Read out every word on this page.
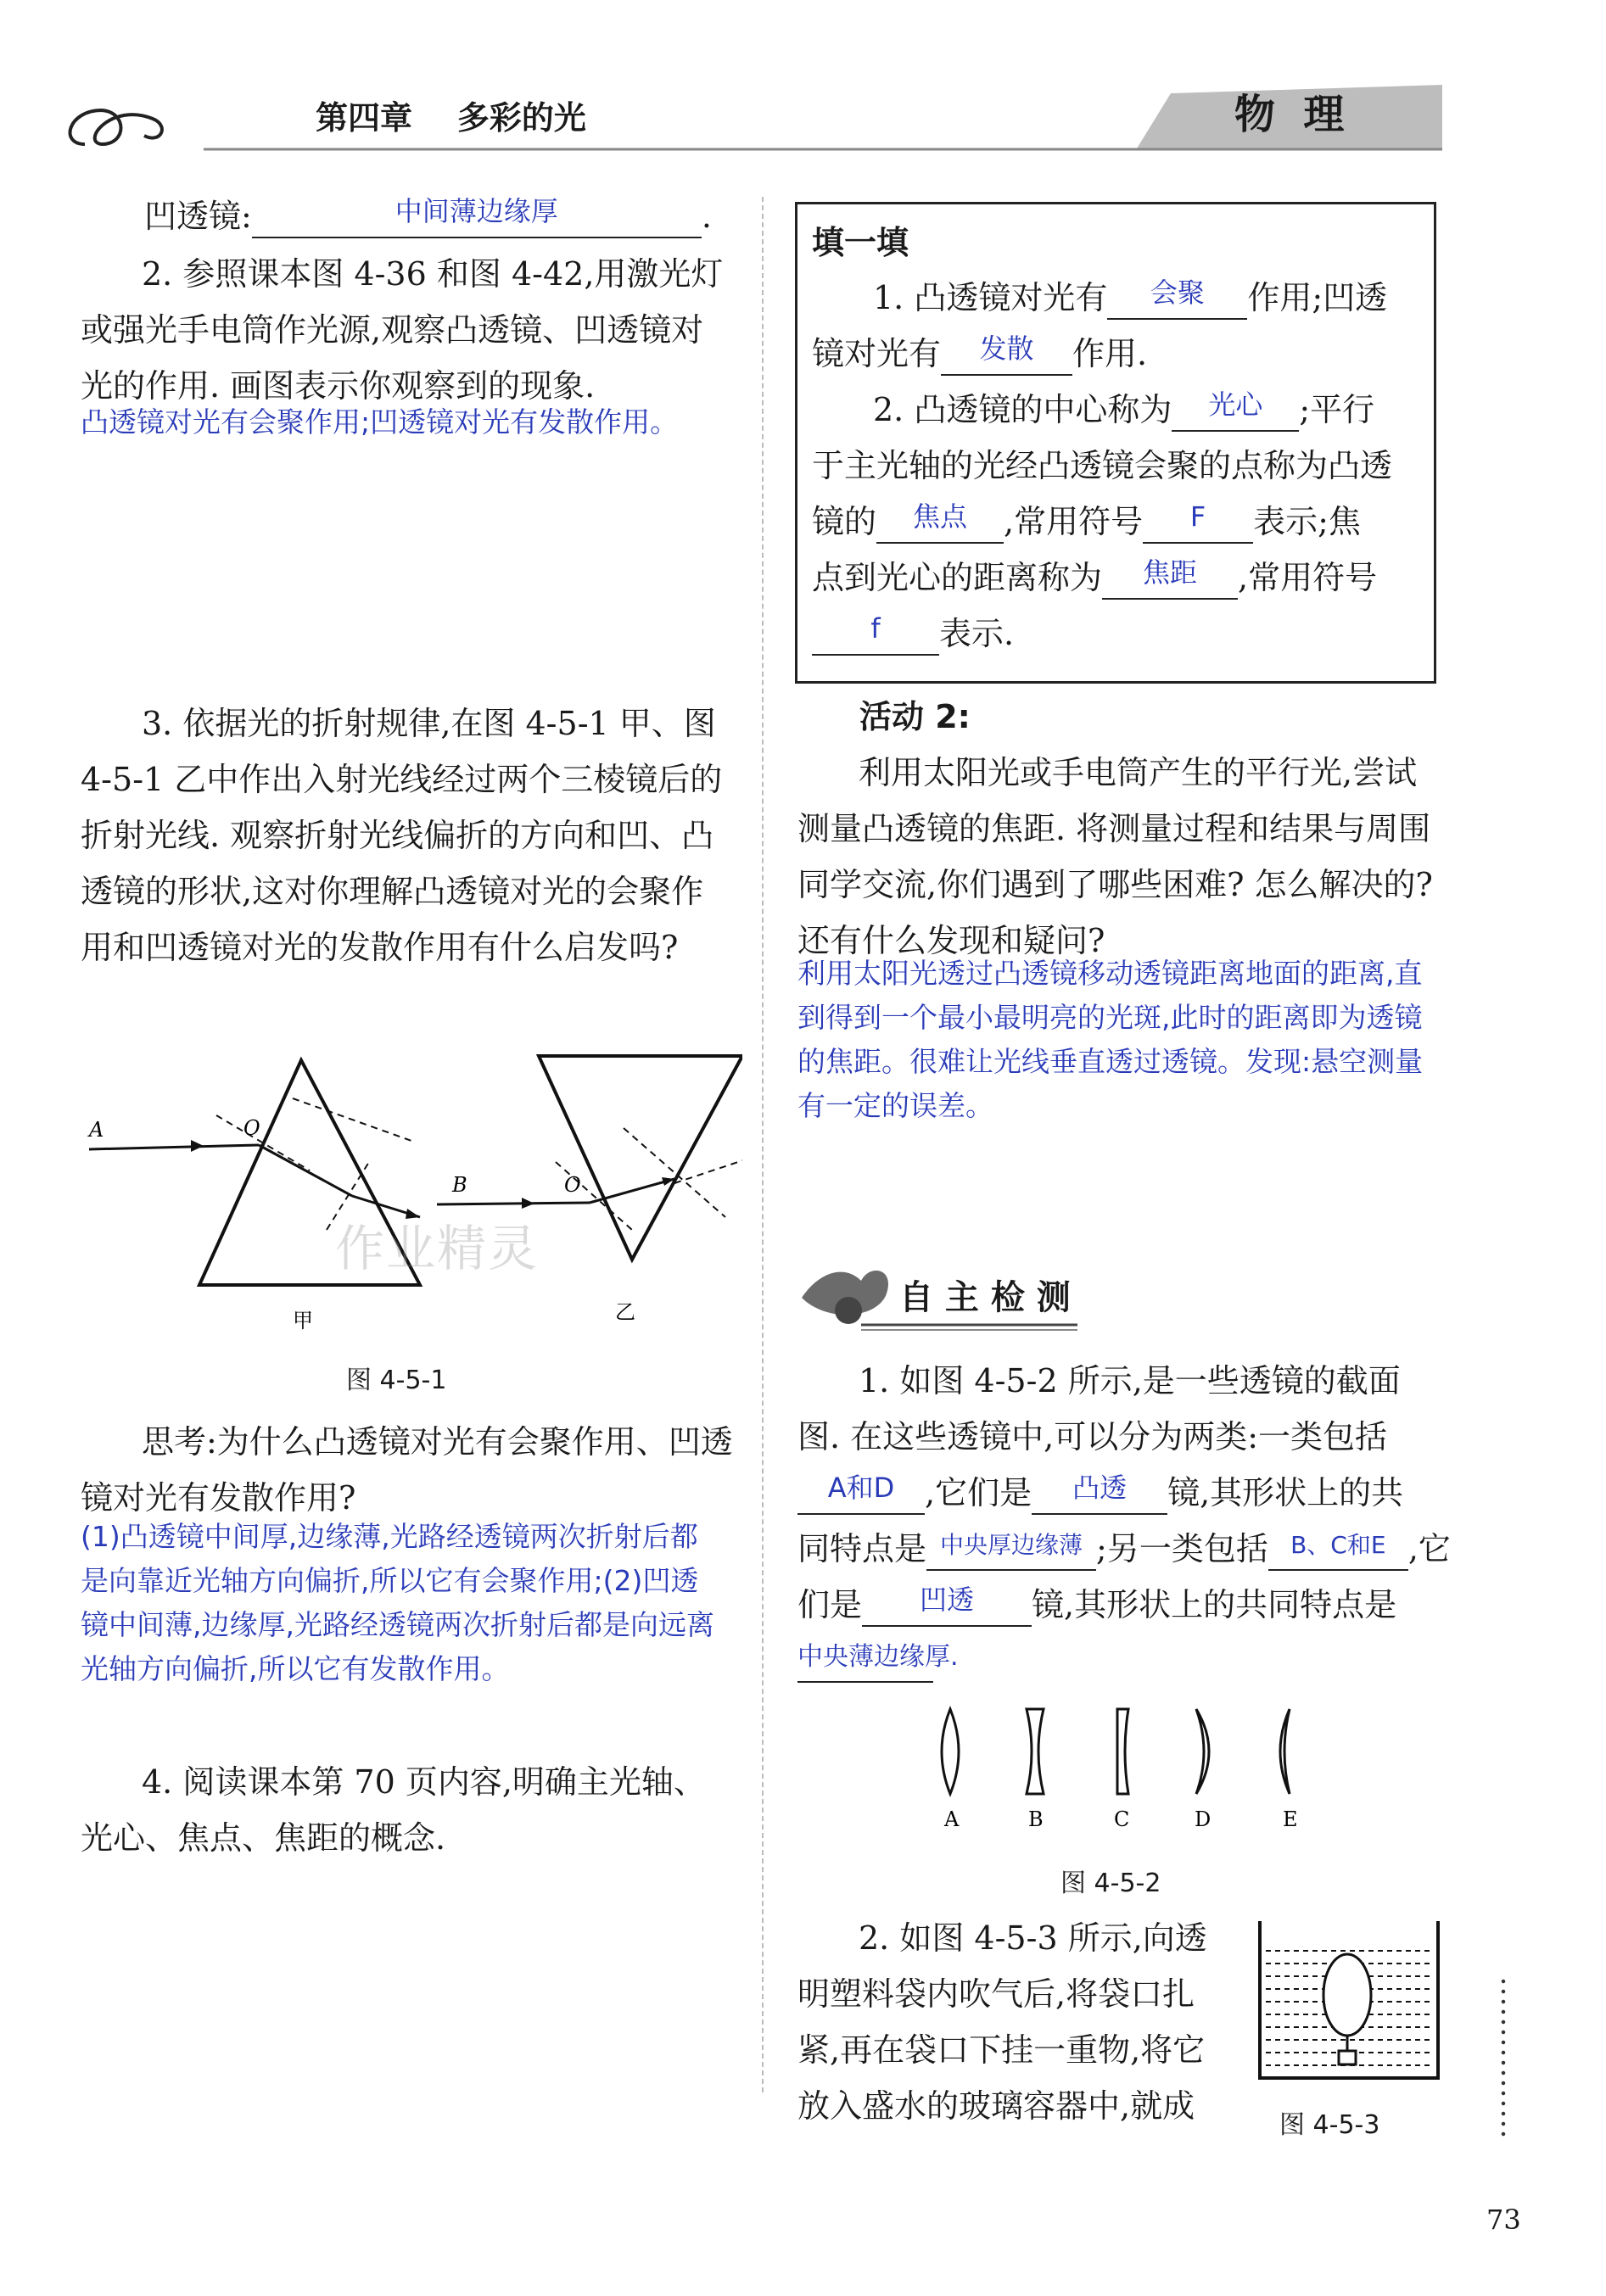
第四章    多彩的光	物  理
凹透镜:	$^{中间薄边缘厚}$	.
2. 参照课本图 4-36 和图 4-42,用激光灯或强光手电筒作光源,观察凸透镜、凹透镜对光的作用. 画图表示你观察到的现象.
凸透镜对光有会聚作用;凹透镜对光有发散作用。
3. 依据光的折射规律,在图 4-5-1 甲、图 4-5-1 乙中作出入射光线经过两个三棱镜后的折射光线. 观察折射光线偏折的方向和凹、凸透镜的形状,这对你理解凸透镜对光的会聚作用和凹透镜对光的发散作用有什么启发吗?
A	O
B	O
甲	乙
图 4-5-1
思考:为什么凸透镜对光有会聚作用、凹透镜对光有发散作用?
(1)凸透镜中间厚,边缘薄,光路经透镜两次折射后都是向靠近光轴方向偏折,所以它有会聚作用;(2)凹透镜中间薄,边缘厚,光路经透镜两次折射后都是向远离光轴方向偏折,所以它有发散作用。
4. 阅读课本第 70 页内容,明确主光轴、光心、焦点、焦距的概念.
填一填
1. 凸透镜对光有 $^{会聚}$ 作用;凹透
镜对光有 $^{发散}$ 作用.
2. 凸透镜的中心称为 $^{光心}$ ;平行
于主光轴的光经凸透镜会聚的点称为凸透
镜的 $^{焦点}$ ,常用符号 $^F$ 表示;焦
点到光心的距离称为 $^{焦距}$ ,常用符号
$^f$ 表示.
活动 2:
利用太阳光或手电筒产生的平行光,尝试测量凸透镜的焦距. 将测量过程和结果与周围同学交流,你们遇到了哪些困难? 怎么解决的? 还有什么发现和疑问?
利用太阳光透过凸透镜移动透镜距离地面的距离,直到得到一个最小最明亮的光斑,此时的距离即为透镜的焦距。很难让光线垂直透过透镜。发现:悬空测量有一定的误差。
自 主 检 测
1. 如图 4-5-2 所示,是一些透镜的截面
图. 在这些透镜中,可以分为两类:一类包括
$^{A和D}$ ,它们是 $^{凸透}$ 镜,其形状上的共
同特点是 $^{中央厚边缘薄}$ ;另一类包括 $^{B、C和E}$ ,它
们是 $^{凹透}$ 镜,其形状上的共同特点是
$^{中央薄边缘厚.}$
A	B	C	D	E
图 4-5-2
2. 如图 4-5-3 所示,向透
明塑料袋内吹气后,将袋口扎
紧,再在袋口下挂一重物,将它
放入盛水的玻璃容器中,就成
图 4-5-3
作业精灵
73
